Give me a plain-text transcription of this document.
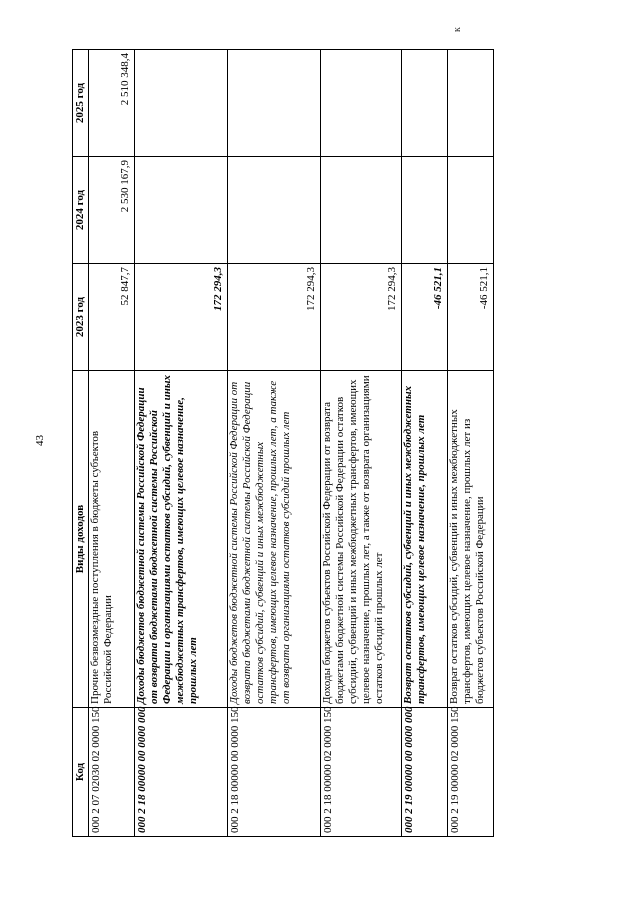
43
к
Код	Виды доходов	2023 год	2024 год	2025 год
000 2 07 02030 02 0000 150	Прочие безвозмездные поступления в бюджеты субъектов Российской Федерации	52 847,7	2 530 167,9	2 510 348,4
000 2 18 00000 00 0000 000	Доходы бюджетов бюджетной системы Российской Федерации от возврата бюджетами бюджетной системы Российской Федерации и организациями остатков субсидий, субвенций и иных межбюджетных трансфертов, имеющих целевое назначение, прошлых лет	172 294,3		
000 2 18 00000 00 0000 150	Доходы бюджетов бюджетной системы Российской Федерации от возврата бюджетами бюджетной системы Российской Федерации остатков субсидий, субвенций и иных межбюджетных трансфертов, имеющих целевое назначение, прошлых лет, а также от возврата организациями остатков субсидий прошлых лет	172 294,3		
000 2 18 00000 02 0000 150	Доходы бюджетов субъектов Российской Федерации от возврата бюджетами бюджетной системы Российской Федерации остатков субсидий, субвенций и иных межбюджетных трансфертов, имеющих целевое назначение, прошлых лет, а также от возврата организациями остатков субсидий прошлых лет	172 294,3		
000 2 19 00000 00 0000 000	Возврат остатков субсидий, субвенций и иных межбюджетных трансфертов, имеющих целевое назначение, прошлых лет	-46 521,1		
000 2 19 00000 02 0000 150	Возврат остатков субсидий, субвенций и иных межбюджетных трансфертов, имеющих целевое назначение, прошлых лет из бюджетов субъектов Российской Федерации	-46 521,1		
